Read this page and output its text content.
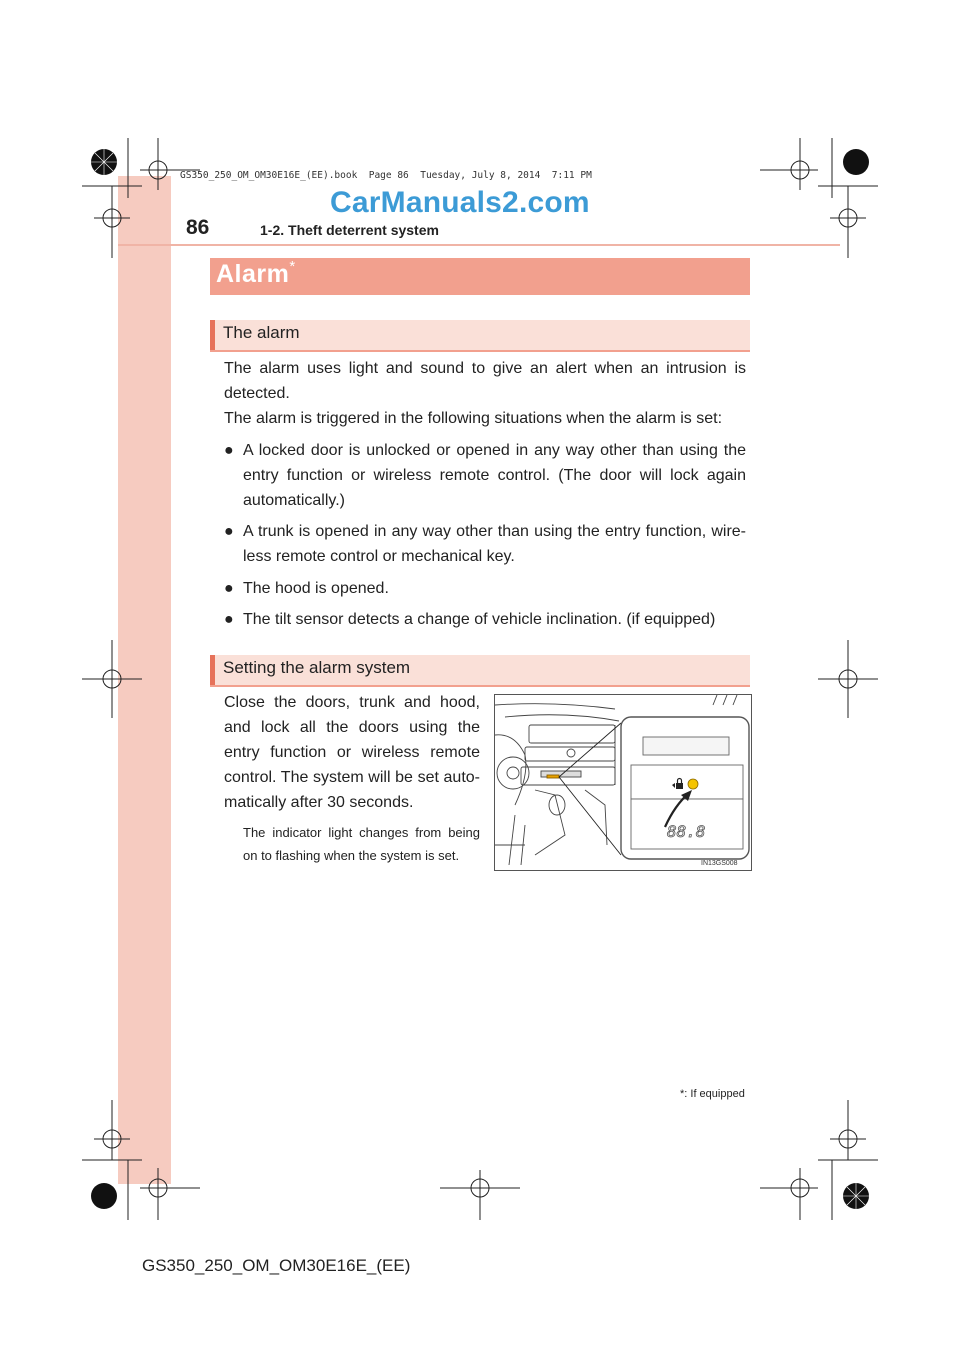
GS350_250_OM_OM30E16E_(EE).book  Page 86  Tuesday, July 8, 2014  7:11 PM
CarManuals2.com
86	1-2. Theft deterrent system
Alarm*
The alarm
The alarm uses light and sound to give an alert when an intrusion is detected.
The alarm is triggered in the following situations when the alarm is set:
● A locked door is unlocked or opened in any way other than using the entry function or wireless remote control. (The door will lock again automatically.)
● A trunk is opened in any way other than using the entry function, wire-less remote control or mechanical key.
● The hood is opened.
● The tilt sensor detects a change of vehicle inclination. (if equipped)
Setting the alarm system
Close the doors, trunk and hood, and lock all the doors using the entry function or wireless remote control. The system will be set auto-matically after 30 seconds.
The indicator light changes from being on to flashing when the system is set.
88.8
IN13GS008
*: If equipped
GS350_250_OM_OM30E16E_(EE)
